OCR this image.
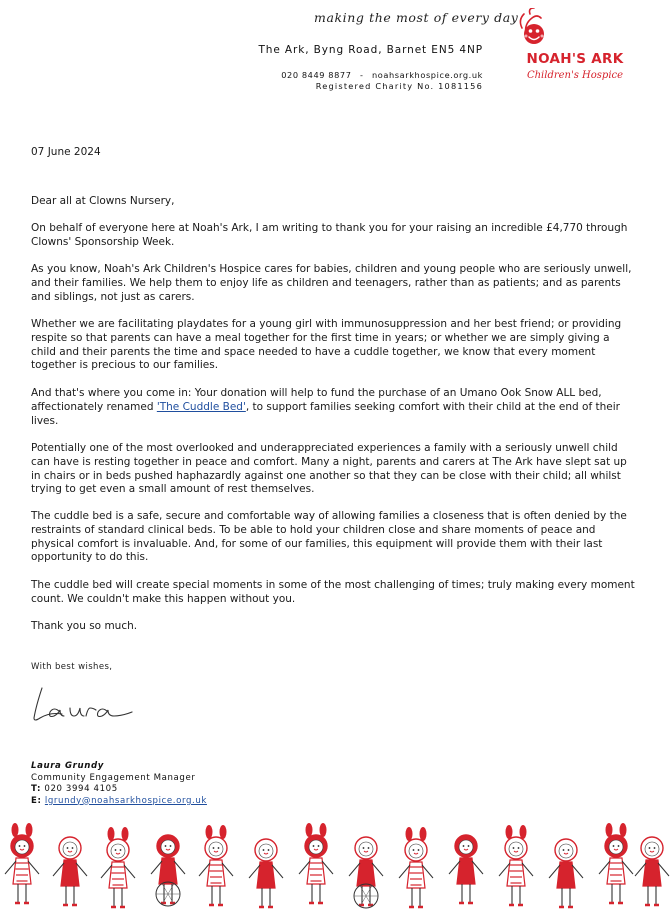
making the most of every day
The Ark, Byng Road, Barnet EN5 4NP
020 8449 8877 - noahsarkhospice.org.uk
Registered Charity No. 1081156
NOAH'S ARK
Children's Hospice
07 June 2024
Dear all at Clowns Nursery,
On behalf of everyone here at Noah's Ark, I am writing to thank you for your raising an incredible £4,770 through Clowns' Sponsorship Week.
As you know, Noah's Ark Children's Hospice cares for babies, children and young people who are seriously unwell, and their families. We help them to enjoy life as children and teenagers, rather than as patients; and as parents and siblings, not just as carers.
Whether we are facilitating playdates for a young girl with immunosuppression and her best friend; or providing respite so that parents can have a meal together for the first time in years; or whether we are simply giving a child and their parents the time and space needed to have a cuddle together, we know that every moment together is precious to our families.
And that's where you come in: Your donation will help to fund the purchase of an Umano Ook Snow ALL bed, affectionately renamed 'The Cuddle Bed', to support families seeking comfort with their child at the end of their lives.
Potentially one of the most overlooked and underappreciated experiences a family with a seriously unwell child can have is resting together in peace and comfort. Many a night, parents and carers at The Ark have slept sat up in chairs or in beds pushed haphazardly against one another so that they can be close with their child; all whilst trying to get even a small amount of rest themselves.
The cuddle bed is a safe, secure and comfortable way of allowing families a closeness that is often denied by the restraints of standard clinical beds. To be able to hold your children close and share moments of peace and physical comfort is invaluable. And, for some of our families, this equipment will provide them with their last opportunity to do this.
The cuddle bed will create special moments in some of the most challenging of times; truly making every moment count. We couldn't make this happen without you.
Thank you so much.
With best wishes,
Laura Grundy
Community Engagement Manager
T: 020 3994 4105
E: lgrundy@noahsarkhospice.org.uk
